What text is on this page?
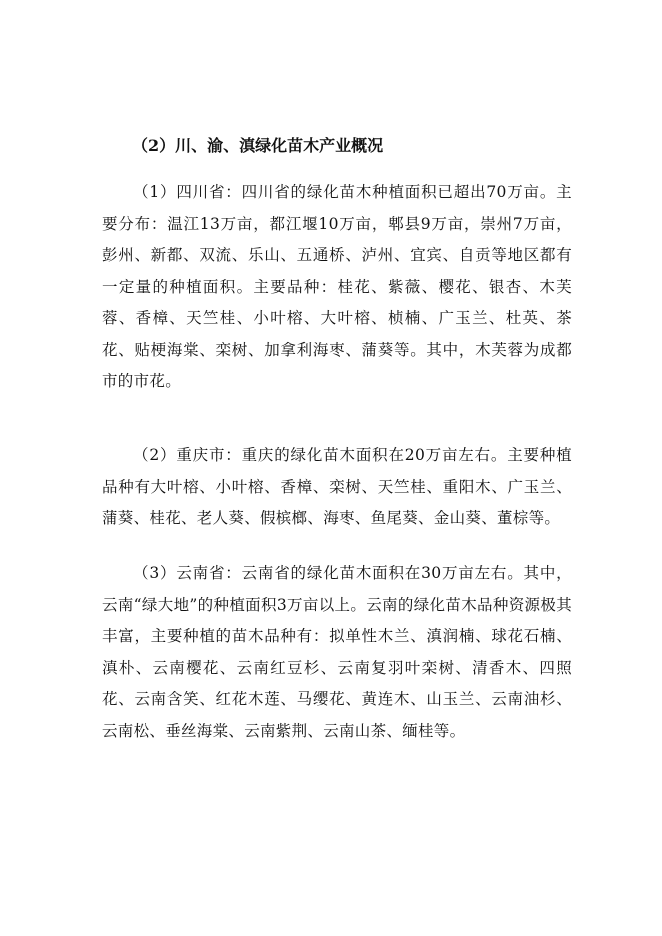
（2）川、渝、滇绿化苗木产业概况
（1）四川省：四川省的绿化苗木种植面积已超出70万亩。主要分布：温江13万亩，都江堰10万亩，郫县9万亩，崇州7万亩，彭州、新都、双流、乐山、五通桥、泸州、宜宾、自贡等地区都有一定量的种植面积。主要品种：桂花、紫薇、樱花、银杏、木芙蓉、香樟、天竺桂、小叶榕、大叶榕、桢楠、广玉兰、杜英、茶花、贴梗海棠、栾树、加拿利海枣、蒲葵等。其中，木芙蓉为成都市的市花。
（2）重庆市：重庆的绿化苗木面积在20万亩左右。主要种植品种有大叶榕、小叶榕、香樟、栾树、天竺桂、重阳木、广玉兰、蒲葵、桂花、老人葵、假槟榔、海枣、鱼尾葵、金山葵、董棕等。
（3）云南省：云南省的绿化苗木面积在30万亩左右。其中，云南“绿大地”的种植面积3万亩以上。云南的绿化苗木品种资源极其丰富，主要种植的苗木品种有：拟单性木兰、滇润楠、球花石楠、滇朴、云南樱花、云南红豆杉、云南复羽叶栾树、清香木、四照花、云南含笑、红花木莲、马缨花、黄连木、山玉兰、云南油杉、云南松、垂丝海棠、云南紫荆、云南山茶、缅桂等。
